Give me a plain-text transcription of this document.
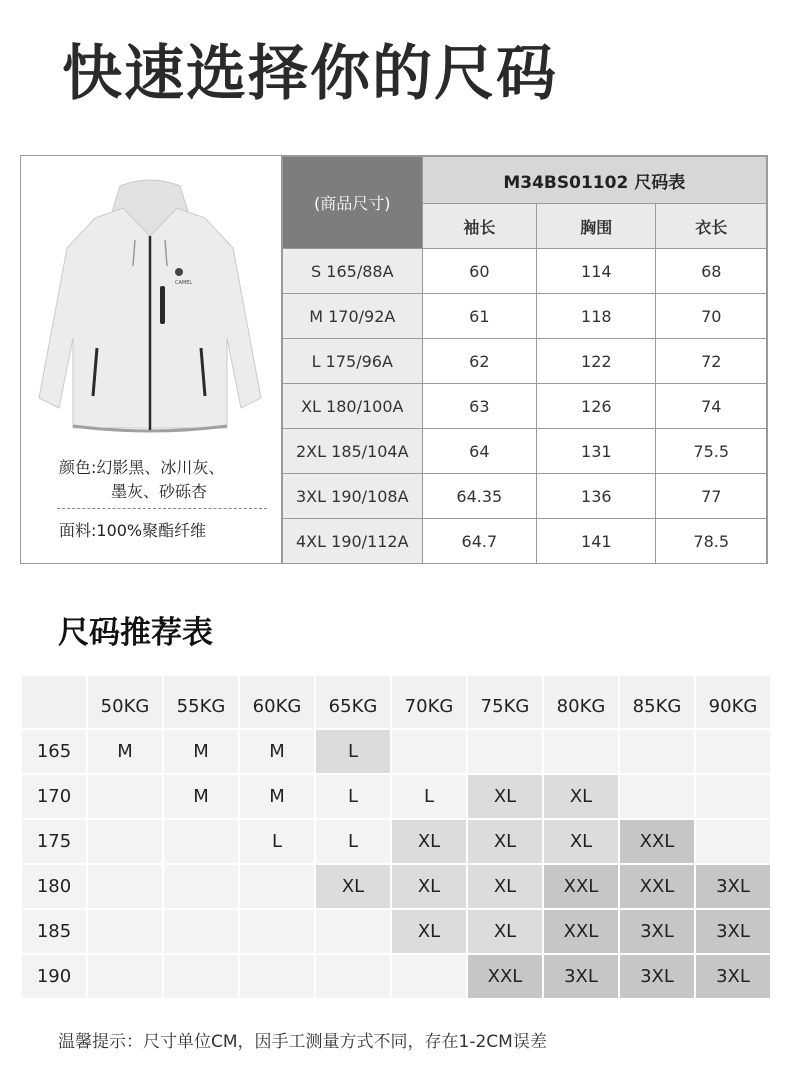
快速选择你的尺码
CAMEL
颜色:幻影黑、冰川灰、
墨灰、砂砾杏
面料:100%聚酯纤维
(商品尺寸)	M34BS01102 尺码表		
	袖长	胸围	衣长
S 165/88A	60	114	68
M 170/92A	61	118	70
L 175/96A	62	122	72
XL 180/100A	63	126	74
2XL 185/104A	64	131	75.5
3XL 190/108A	64.35	136	77
4XL 190/112A	64.7	141	78.5
尺码推荐表
	50KG	55KG	60KG	65KG	70KG	75KG	80KG	85KG	90KG
165	M	M	M	L					
170		M	M	L	L	XL	XL		
175			L	L	XL	XL	XL	XXL	
180				XL	XL	XL	XXL	XXL	3XL
185					XL	XL	XXL	3XL	3XL
190						XXL	3XL	3XL	3XL
温馨提示：尺寸单位CM，因手工测量方式不同，存在1-2CM误差
